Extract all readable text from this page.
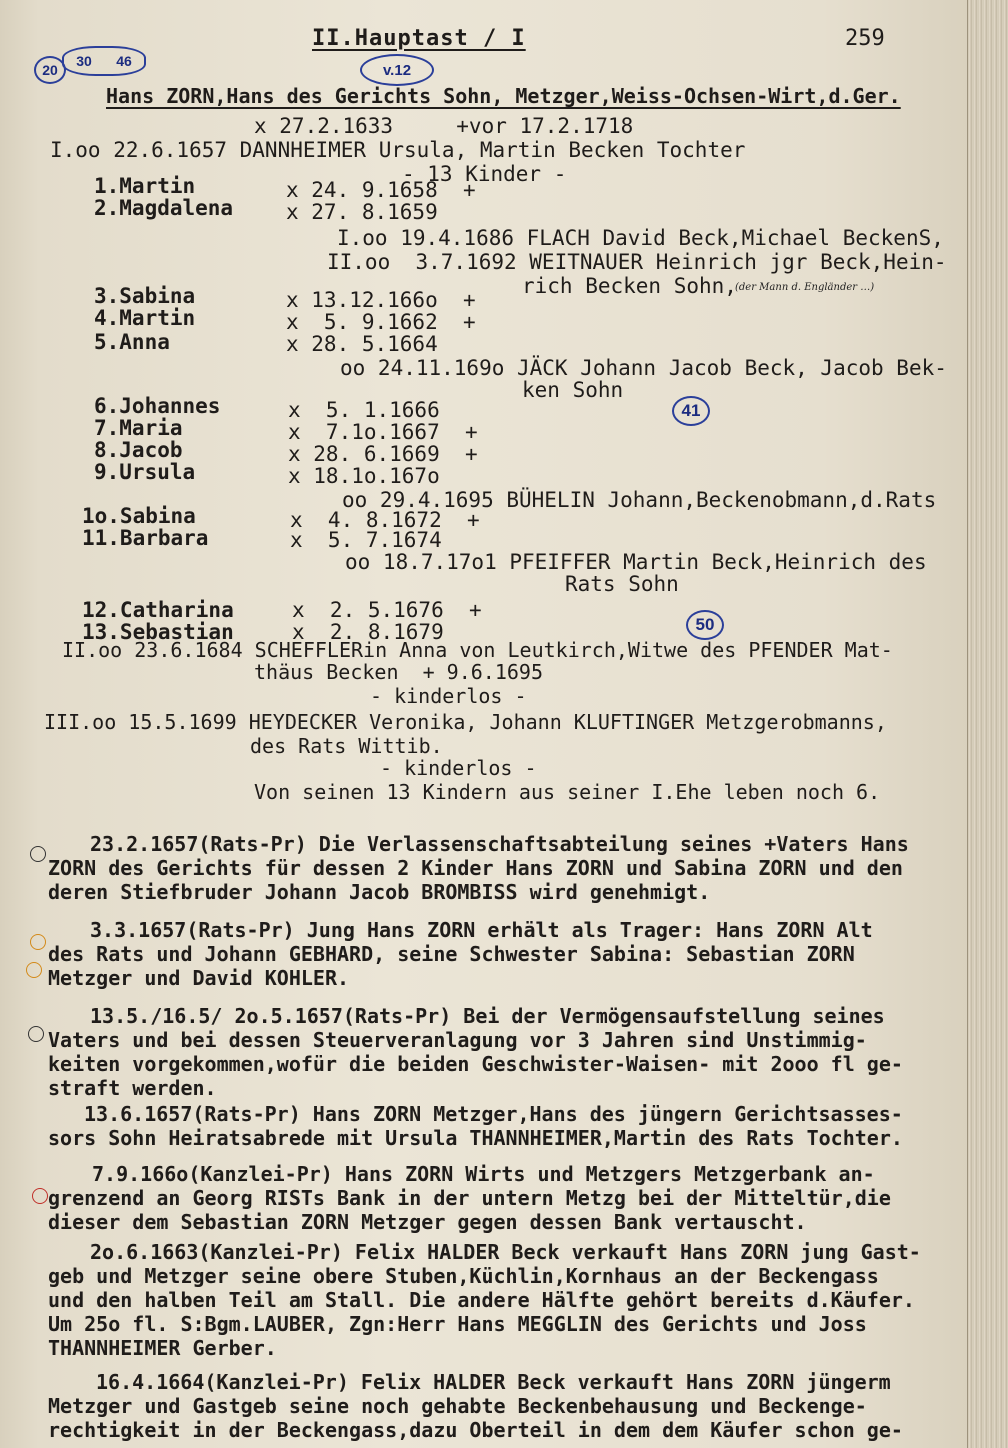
II.Hauptast / I	259
20
30 46
v.12
Hans ZORN,Hans des Gerichts Sohn, Metzger,Weiss-Ochsen-Wirt,d.Ger.
x 27.2.1633     +vor 17.2.1718
I.oo 22.6.1657 DANNHEIMER Ursula, Martin Becken Tochter
- 13 Kinder -
1.Martin	x 24. 9.1658  +
2.Magdalena	x 27. 8.1659
I.oo 19.4.1686 FLACH David Beck,Michael BeckenS,
II.oo  3.7.1692 WEITNAUER Heinrich jgr Beck,Hein-
rich Becken Sohn,
(der Mann d. Engländer …)
3.Sabina	x 13.12.166o  +
4.Martin	x  5. 9.1662  +
5.Anna	x 28. 5.1664
oo 24.11.169o JÄCK Johann Jacob Beck, Jacob Bek-
ken Sohn
41
6.Johannes	x  5. 1.1666
7.Maria	x  7.1o.1667  +
8.Jacob	x 28. 6.1669  +
9.Ursula	x 18.1o.167o
oo 29.4.1695 BÜHELIN Johann,Beckenobmann,d.Rats
1o.Sabina	x  4. 8.1672  +
11.Barbara	x  5. 7.1674
oo 18.7.17o1 PFEIFFER Martin Beck,Heinrich des
Rats Sohn
12.Catharina	x  2. 5.1676  +
13.Sebastian	x  2. 8.1679	50
II.oo 23.6.1684 SCHEFFLERin Anna von Leutkirch,Witwe des PFENDER Mat-
thäus Becken  + 9.6.1695
- kinderlos -
III.oo 15.5.1699 HEYDECKER Veronika, Johann KLUFTINGER Metzgerobmanns,
des Rats Wittib.
- kinderlos -
Von seinen 13 Kindern aus seiner I.Ehe leben noch 6.
23.2.1657(Rats-Pr) Die Verlassenschaftsabteilung seines +Vaters Hans
ZORN des Gerichts für dessen 2 Kinder Hans ZORN und Sabina ZORN und den
deren Stiefbruder Johann Jacob BROMBISS wird genehmigt.
3.3.1657(Rats-Pr) Jung Hans ZORN erhält als Trager: Hans ZORN Alt
des Rats und Johann GEBHARD, seine Schwester Sabina: Sebastian ZORN
Metzger und David KOHLER.
13.5./16.5/ 2o.5.1657(Rats-Pr) Bei der Vermögensaufstellung seines
Vaters und bei dessen Steuerveranlagung vor 3 Jahren sind Unstimmig-
keiten vorgekommen,wofür die beiden Geschwister-Waisen- mit 2ooo fl ge-
straft werden.
13.6.1657(Rats-Pr) Hans ZORN Metzger,Hans des jüngern Gerichtsasses-
sors Sohn Heiratsabrede mit Ursula THANNHEIMER,Martin des Rats Tochter.
7.9.166o(Kanzlei-Pr) Hans ZORN Wirts und Metzgers Metzgerbank an-
grenzend an Georg RISTs Bank in der untern Metzg bei der Mitteltür,die
dieser dem Sebastian ZORN Metzger gegen dessen Bank vertauscht.
2o.6.1663(Kanzlei-Pr) Felix HALDER Beck verkauft Hans ZORN jung Gast-
geb und Metzger seine obere Stuben,Küchlin,Kornhaus an der Beckengass
und den halben Teil am Stall. Die andere Hälfte gehört bereits d.Käufer.
Um 25o fl. S:Bgm.LAUBER, Zgn:Herr Hans MEGGLIN des Gerichts und Joss
THANNHEIMER Gerber.
16.4.1664(Kanzlei-Pr) Felix HALDER Beck verkauft Hans ZORN jüngerm
Metzger und Gastgeb seine noch gehabte Beckenbehausung und Beckenge-
rechtigkeit in der Beckengass,dazu Oberteil in dem dem Käufer schon ge-
